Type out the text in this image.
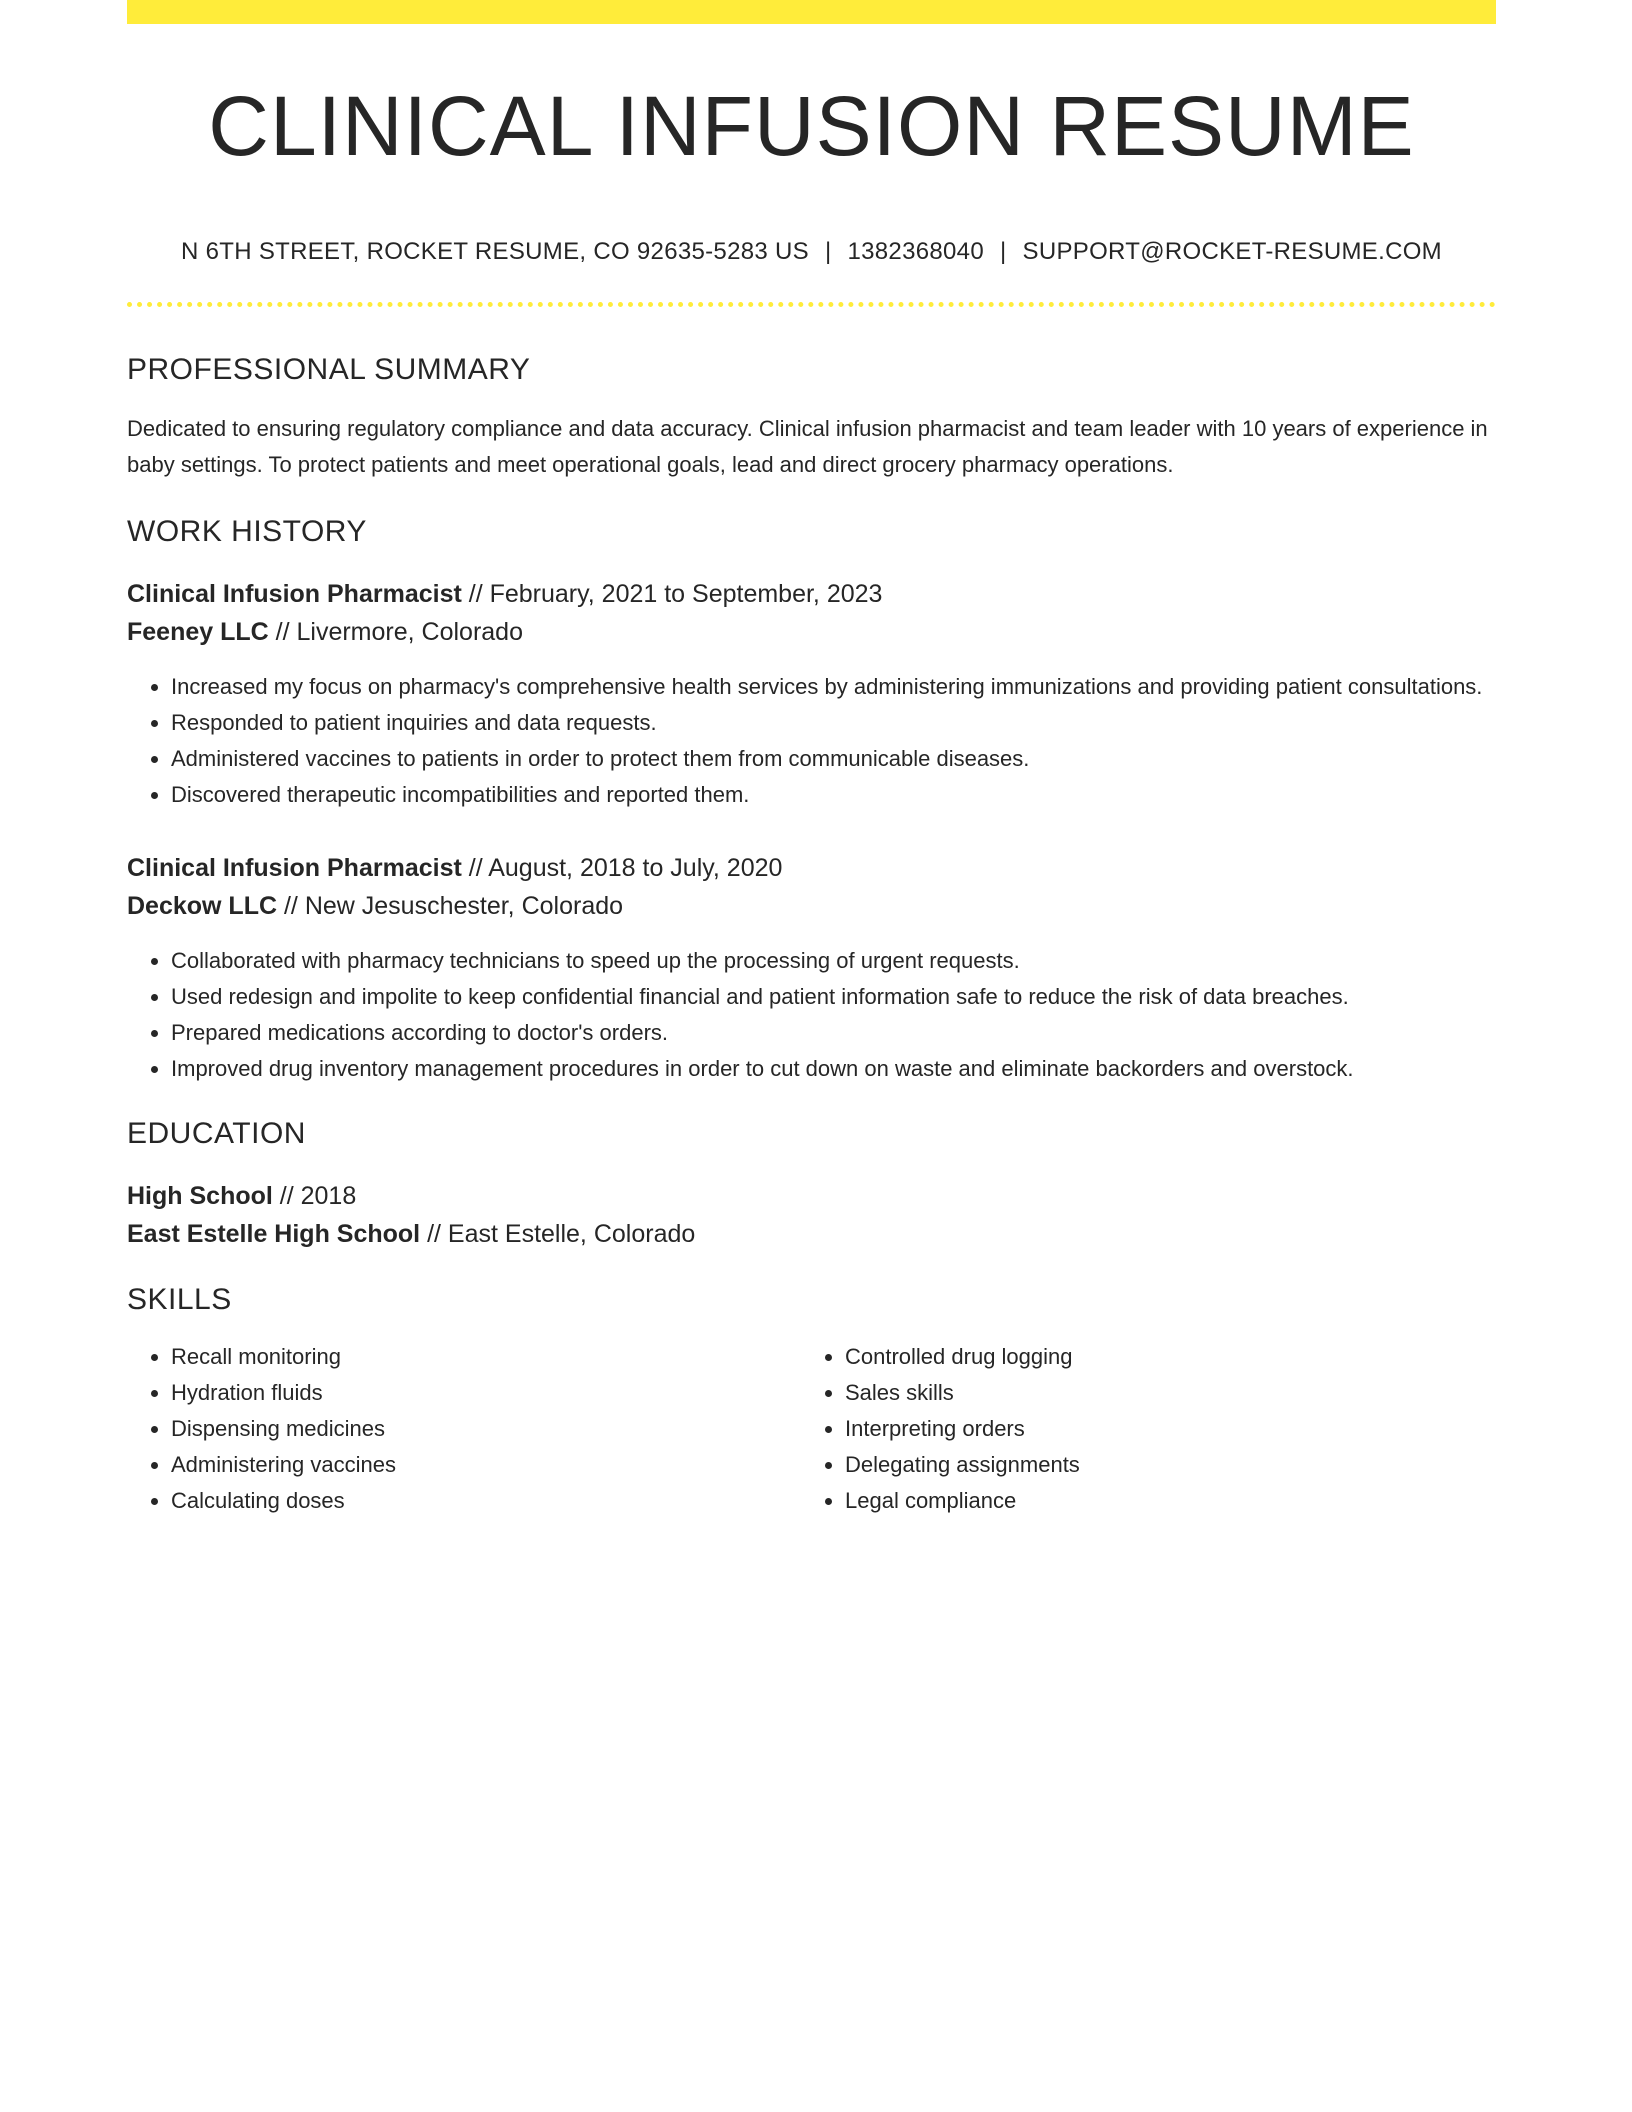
CLINICAL INFUSION RESUME
N 6TH STREET, ROCKET RESUME, CO 92635-5283 US | 1382368040 | SUPPORT@ROCKET-RESUME.COM
PROFESSIONAL SUMMARY
Dedicated to ensuring regulatory compliance and data accuracy. Clinical infusion pharmacist and team leader with 10 years of experience in baby settings. To protect patients and meet operational goals, lead and direct grocery pharmacy operations.
WORK HISTORY
Clinical Infusion Pharmacist // February, 2021 to September, 2023
Feeney LLC // Livermore, Colorado
• Increased my focus on pharmacy's comprehensive health services by administering immunizations and providing patient consultations.
• Responded to patient inquiries and data requests.
• Administered vaccines to patients in order to protect them from communicable diseases.
• Discovered therapeutic incompatibilities and reported them.
Clinical Infusion Pharmacist // August, 2018 to July, 2020
Deckow LLC // New Jesuschester, Colorado
• Collaborated with pharmacy technicians to speed up the processing of urgent requests.
• Used redesign and impolite to keep confidential financial and patient information safe to reduce the risk of data breaches.
• Prepared medications according to doctor's orders.
• Improved drug inventory management procedures in order to cut down on waste and eliminate backorders and overstock.
EDUCATION
High School // 2018
East Estelle High School // East Estelle, Colorado
SKILLS
• Recall monitoring
• Hydration fluids
• Dispensing medicines
• Administering vaccines
• Calculating doses
• Controlled drug logging
• Sales skills
• Interpreting orders
• Delegating assignments
• Legal compliance
